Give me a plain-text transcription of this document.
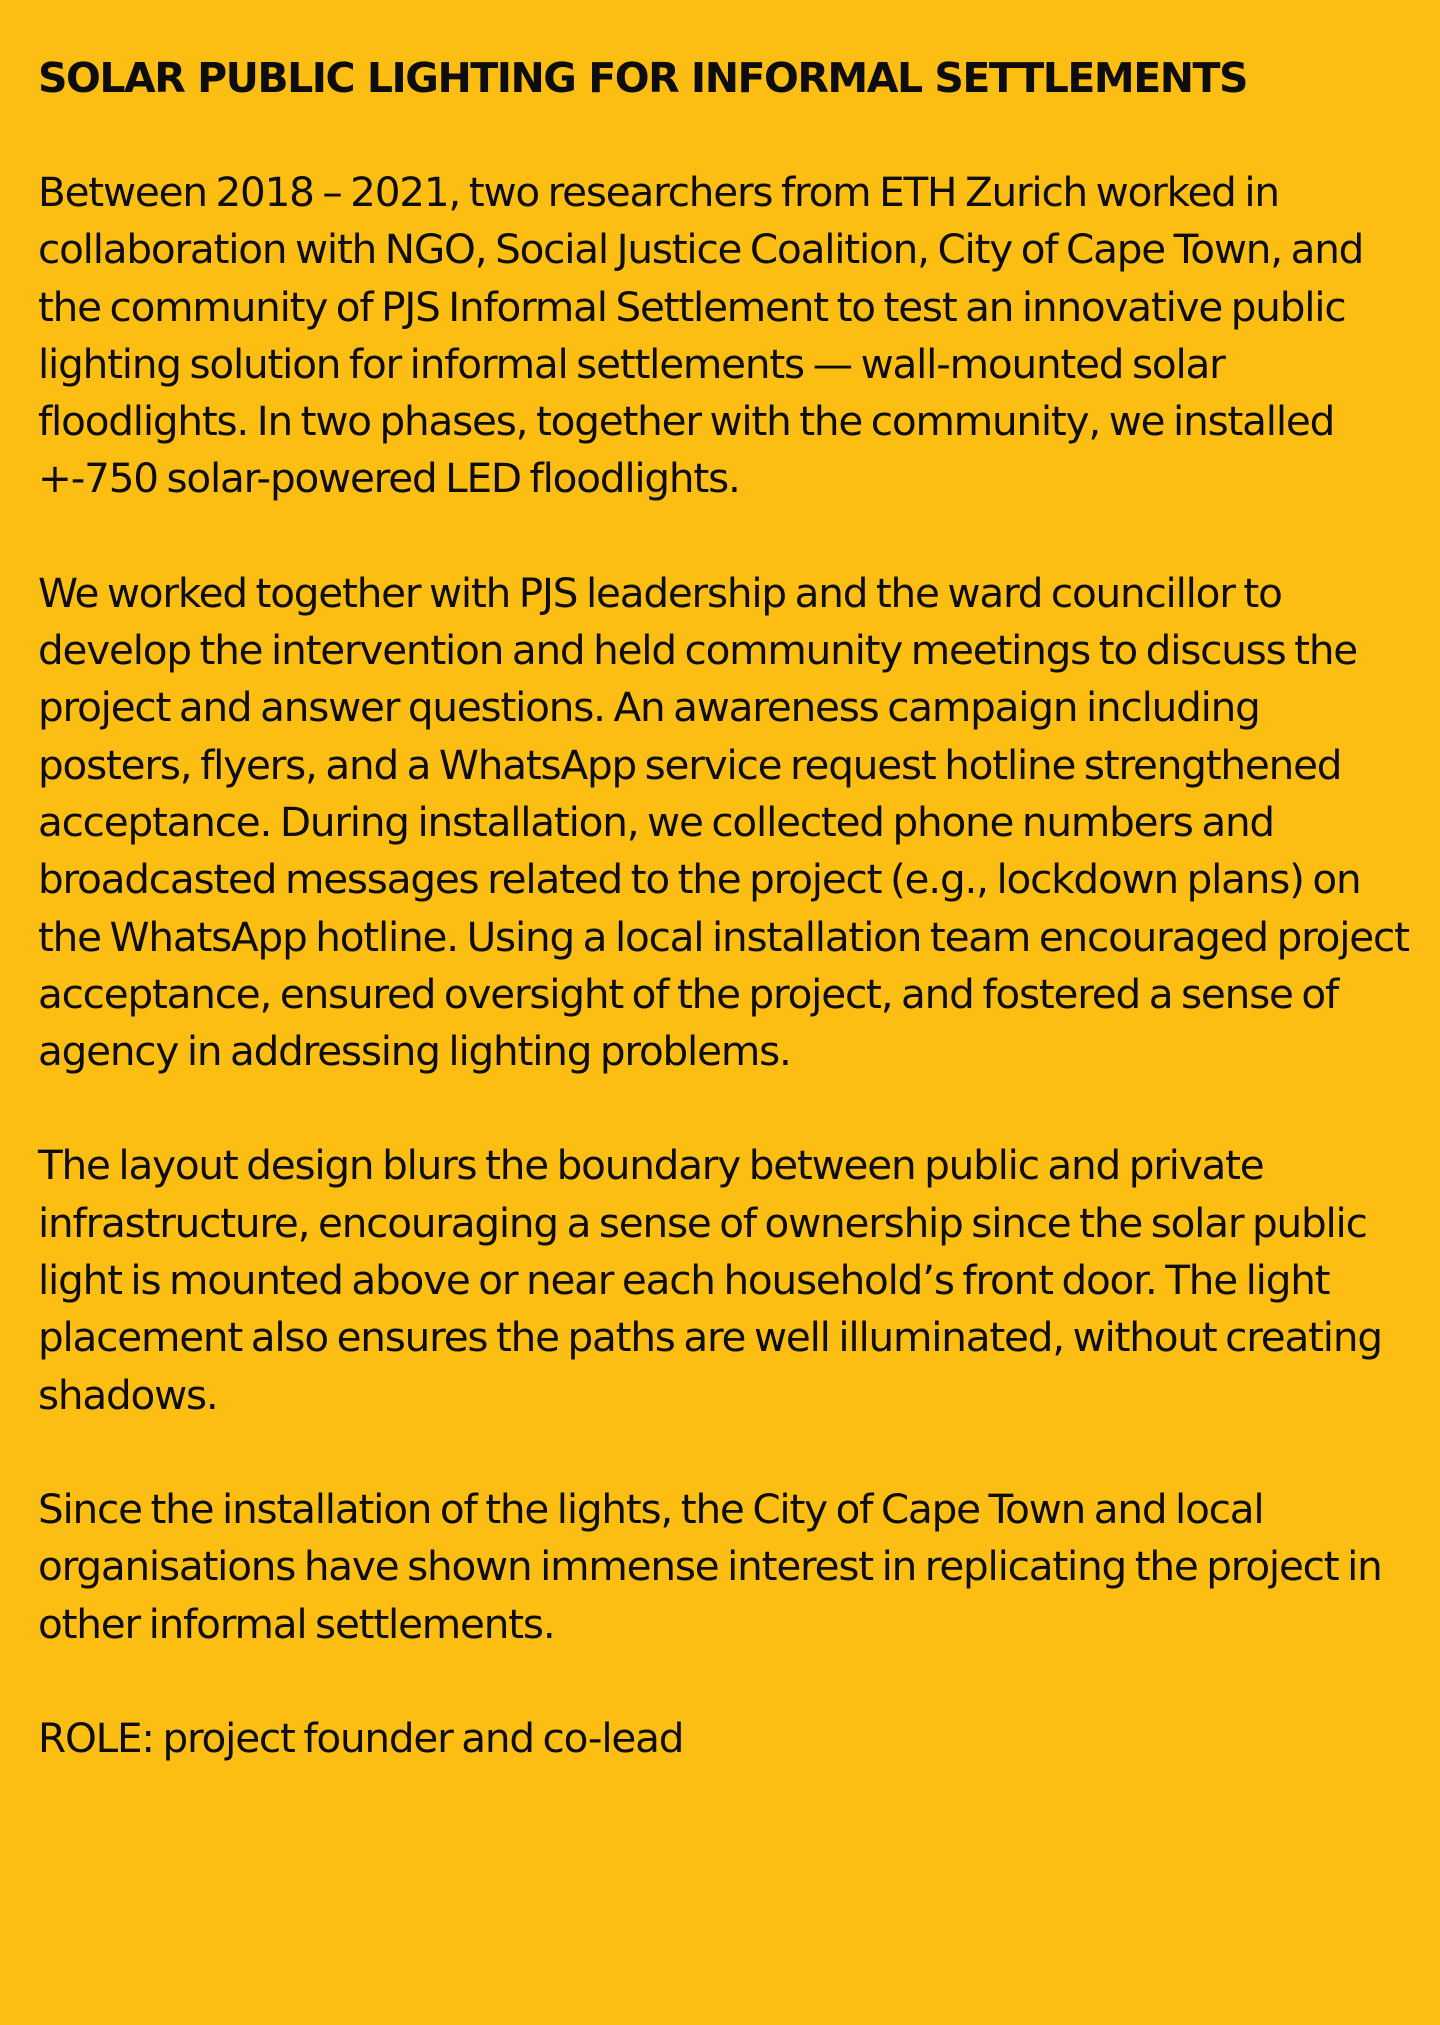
SOLAR PUBLIC LIGHTING FOR INFORMAL SETTLEMENTS

Between 2018 – 2021, two researchers from ETH Zurich worked in collaboration with NGO, Social Justice Coalition, City of Cape Town, and the community of PJS Informal Settlement to test an innovative public lighting solution for informal settlements — wall-mounted solar floodlights. In two phases, together with the community, we installed +-750 solar-powered LED floodlights.

We worked together with PJS leadership and the ward councillor to develop the intervention and held community meetings to discuss the project and answer questions. An awareness campaign including posters, flyers, and a WhatsApp service request hotline strengthened acceptance. During installation, we collected phone numbers and broadcasted messages related to the project (e.g., lockdown plans) on the WhatsApp hotline. Using a local installation team encouraged project acceptance, ensured oversight of the project, and fostered a sense of agency in addressing lighting problems.

The layout design blurs the boundary between public and private infrastructure, encouraging a sense of ownership since the solar public light is mounted above or near each household’s front door. The light placement also ensures the paths are well illuminated, without creating shadows.

Since the installation of the lights, the City of Cape Town and local organisations have shown immense interest in replicating the project in other informal settlements.

ROLE: project founder and co-lead
